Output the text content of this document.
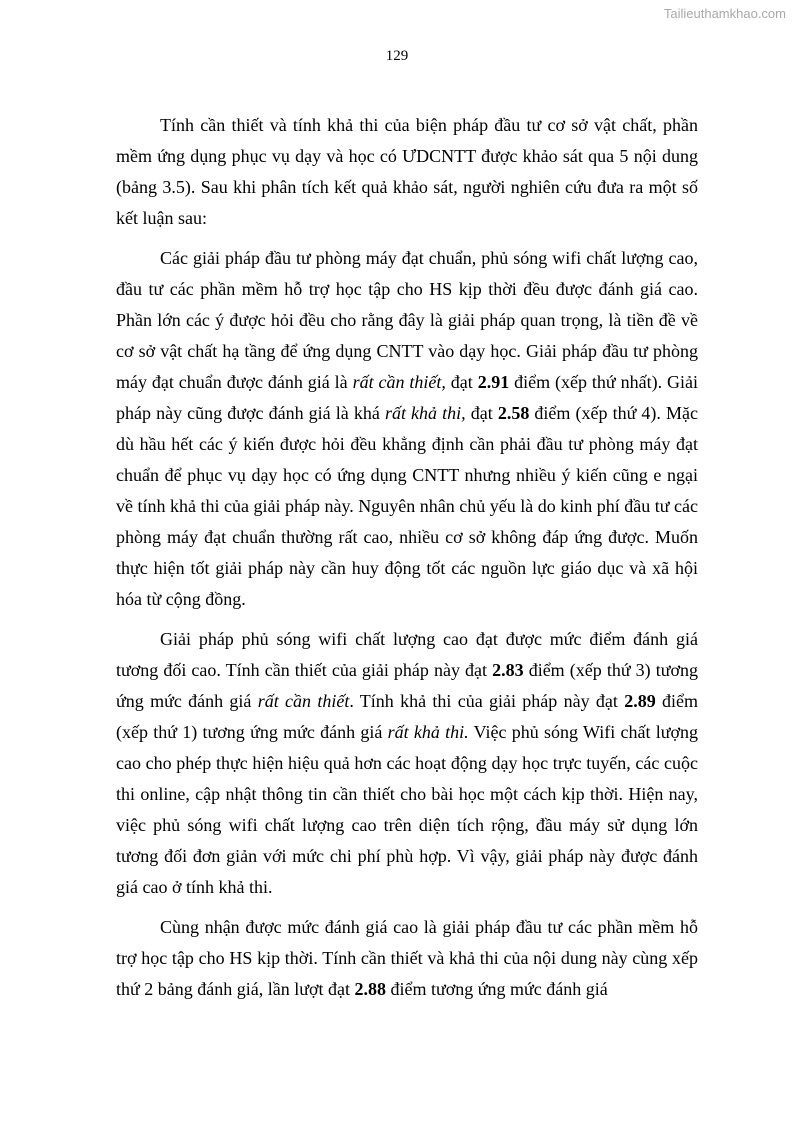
Tailieuthamkhao.com
129

Tính cần thiết và tính khả thi của biện pháp đầu tư cơ sở vật chất, phần mềm ứng dụng phục vụ dạy và học có ƯDCNTT được khảo sát qua 5 nội dung (bảng 3.5). Sau khi phân tích kết quả khảo sát, người nghiên cứu đưa ra một số kết luận sau:

Các giải pháp đầu tư phòng máy đạt chuẩn, phủ sóng wifi chất lượng cao, đầu tư các phần mềm hỗ trợ học tập cho HS kịp thời đều được đánh giá cao. Phần lớn các ý được hỏi đều cho rằng đây là giải pháp quan trọng, là tiền đề về cơ sở vật chất hạ tầng để ứng dụng CNTT vào dạy học. Giải pháp đầu tư phòng máy đạt chuẩn được đánh giá là rất cần thiết, đạt 2.91 điểm (xếp thứ nhất). Giải pháp này cũng được đánh giá là khá rất khả thi, đạt 2.58 điểm (xếp thứ 4). Mặc dù hầu hết các ý kiến được hỏi đều khẳng định cần phải đầu tư phòng máy đạt chuẩn để phục vụ dạy học có ứng dụng CNTT nhưng nhiều ý kiến cũng e ngại về tính khả thi của giải pháp này. Nguyên nhân chủ yếu là do kinh phí đầu tư các phòng máy đạt chuẩn thường rất cao, nhiều cơ sở không đáp ứng được. Muốn thực hiện tốt giải pháp này cần huy động tốt các nguồn lực giáo dục và xã hội hóa từ cộng đồng.

Giải pháp phủ sóng wifi chất lượng cao đạt được mức điểm đánh giá tương đối cao. Tính cần thiết của giải pháp này đạt 2.83 điểm (xếp thứ 3) tương ứng mức đánh giá rất cần thiết. Tính khả thi của giải pháp này đạt 2.89 điểm (xếp thứ 1) tương ứng mức đánh giá rất khả thi. Việc phủ sóng Wifi chất lượng cao cho phép thực hiện hiệu quả hơn các hoạt động dạy học trực tuyến, các cuộc thi online, cập nhật thông tin cần thiết cho bài học một cách kịp thời. Hiện nay, việc phủ sóng wifi chất lượng cao trên diện tích rộng, đầu máy sử dụng lớn tương đối đơn giản với mức chi phí phù hợp. Vì vậy, giải pháp này được đánh giá cao ở tính khả thi.

Cùng nhận được mức đánh giá cao là giải pháp đầu tư các phần mềm hỗ trợ học tập cho HS kịp thời. Tính cần thiết và khả thi của nội dung này cùng xếp thứ 2 bảng đánh giá, lần lượt đạt 2.88 điểm tương ứng mức đánh giá
